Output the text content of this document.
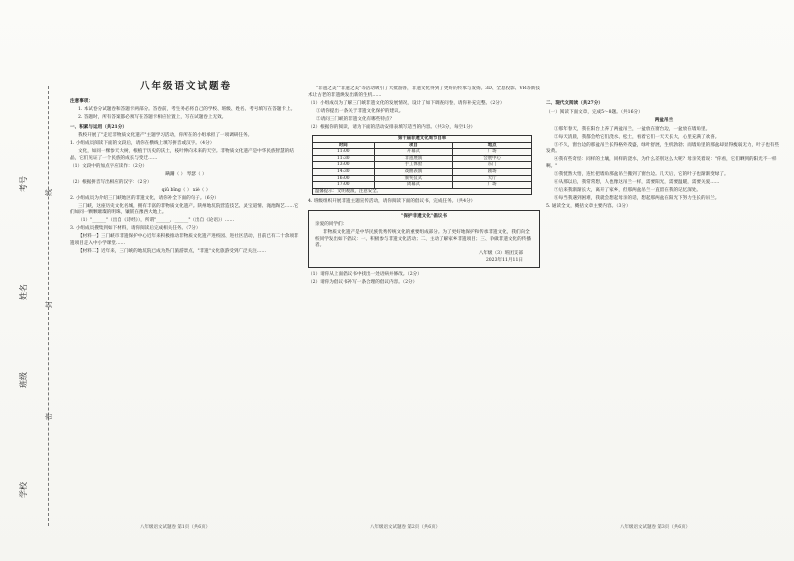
考号
姓名
班级
学校
线
封
密
八年级语文试题卷
注意事项：
1. 本试卷分试题卷和答题卡两部分。答卷前，考生务必将自己的学校、班级、姓名、考号填写在答题卡上。
2. 答题时，所有答案都必须写在答题卡相应位置上，写在试题卷上无效。
一、积累与运用（共21分）
我校开展了"走近非物质文化遗产"主题学习活动，你所在的小组承担了一项调研任务。
1. 小组成员阅读下面的文段后，请你在横线上填写拼音或汉字。（4分）
文化，如同一棵参天大树，根植于历史的沃土，枝叶伸向未来的天空。非物质文化遗产是中华民族智慧的结晶，它们见证了一个民族的成长与变迁……
（1）文段中的加点字应读作：（2分）
蹒跚（ ） 琴瑟（ ）
（2）根据拼音写出相应的汉字：（2分）
qiǔ bǐng（ ） xiè（ ）
2. 小组成员为介绍三门峡地区的非遗文化，请你补全下面的句子。（6分）
三门峡，这座历史文化名城，拥有丰富的非物质文化遗产。陕州地坑院营造技艺、灵宝道情、渑池陶艺……它们如同一颗颗璀璨的明珠，镶嵌在豫西大地上。
（1）"______"（出自《诗经》），所谓"______，______"（出自《论语》）……
3. 小组成员搜集到如下材料，请你阅读后完成相关任务。（7分）
【材料一】三门峡市非遗保护中心近年来积极推动非物质文化遗产进校园、进社区活动，目前已有二十余项非遗项目走入中小学课堂……
【材料二】近年来，三门峡的地坑院已成为热门旅游景点，"非遗"文化旅游受到广泛关注……
"非遗之美""非遗之美"等活动吸引了大批游客，非遗文化得到了更好的传承与发扬。3D、全息投影、VR等新技术让古老的非遗焕发出新的生机……
（1）小组成员为了解三门峡非遗文化的发展情况，设计了如下调查问卷，请你补充完整。（2分）
①请你提出一条关于非遗文化保护的建议。
②请问三门峡的非遗文化有哪些特点？
（2）根据你的阅读，请为下面的活动安排表填写适当的内容。（共3分，每空1分）
第十届非遗文化周节目单		
时间	项目	地点
11:00	开幕式	广场
11:30	非遗展演	会展中心
13:00	手工体验	东门
14:30	戏曲表演	剧场
16:00	颁奖仪式	大厅
17:00	闭幕式	广场
温馨提示：文明观演，注意安全。		
4. 班级组织开展非遗主题宣传活动，请你阅读下面的倡议书，完成任务。（共4分）
"保护非遗文化"倡议书
亲爱的同学们：
非物质文化遗产是中华民族优秀传统文化的重要组成部分。为了更好地保护和传承非遗文化，我们向全校同学发出如下倡议：一、积极参与非遗文化活动；二、主动了解家乡非遗项目；三、争做非遗文化的传播者。
八年级（3）班团支部
2023年11月11日
（1）请你从上面倡议书中找出一处语病并修改。（2分）
（2）请你为倡议书补写一条合理的倡议内容。（2分）
二、现代文阅读（共27分）
（一）阅读下面文章，完成5～8题。（共16分）
两盆吊兰
①那年春天，我在阳台上养了两盆吊兰，一盆放在窗台边，一盆放在墙角里。
②每天清晨，我都会给它们浇水、松土，看着它们一天天长大，心里充满了欢喜。
③不久，窗台边的那盆吊兰长得格外茂盛，绿叶舒展，生机勃勃；而墙角里的那盆却显得瘦弱无力，叶子也有些发黄。
④我有些奇怪：同样的土壤，同样的浇水，为什么差别这么大呢？母亲笑着说："你看，它们晒到的阳光不一样啊。"
⑤我恍然大悟，连忙把墙角那盆吊兰搬到了窗台边。几天后，它的叶子也渐渐变绿了。
⑥从那以后，我常常想，人也像这吊兰一样，需要阳光，需要温暖，需要关爱……
⑦后来我渐渐长大，离开了家乡，但那两盆吊兰一直留在我的记忆深处。
⑧每当我遇到困难，我就会想起母亲的话，想起那两盆在阳光下努力生长的吊兰。
5. 通读全文，概括文章主要内容。（3分）
八年级语文试题卷 第1页（共6页）	八年级语文试题卷 第2页（共6页）	八年级语文试题卷 第3页（共6页）
